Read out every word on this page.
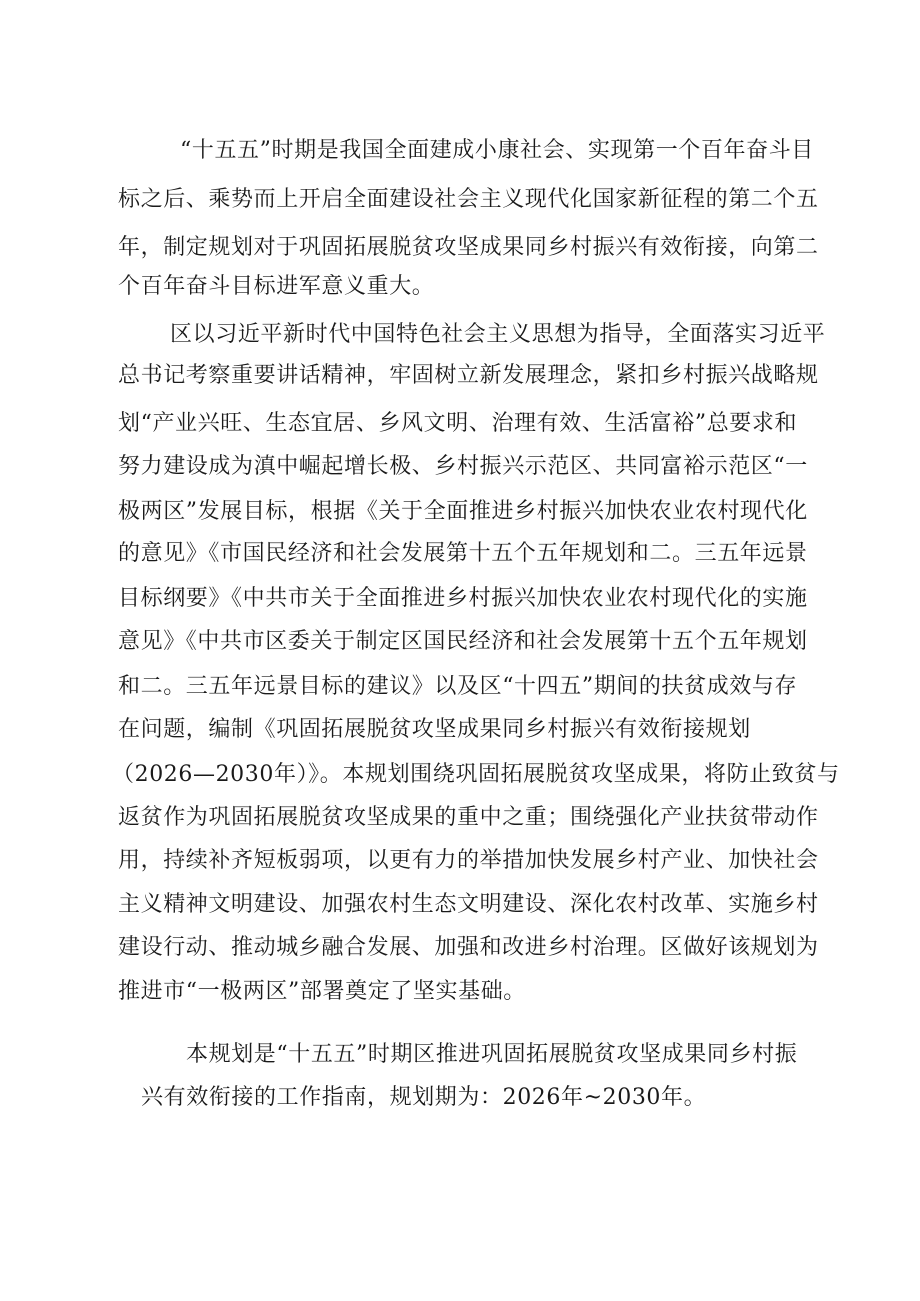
“十五五”时期是我国全面建成小康社会、实现第一个百年奋斗目
标之后、乘势而上开启全面建设社会主义现代化国家新征程的第二个五
年，制定规划对于巩固拓展脱贫攻坚成果同乡村振兴有效衔接，向第二
个百年奋斗目标进军意义重大。
区以习近平新时代中国特色社会主义思想为指导，全面落实习近平
总书记考察重要讲话精神，牢固树立新发展理念，紧扣乡村振兴战略规
划“产业兴旺、生态宜居、乡风文明、治理有效、生活富裕”总要求和
努力建设成为滇中崛起增长极、乡村振兴示范区、共同富裕示范区“一
极两区”发展目标，根据《关于全面推进乡村振兴加快农业农村现代化
的意见》《市国民经济和社会发展第十五个五年规划和二。三五年远景
目标纲要》《中共市关于全面推进乡村振兴加快农业农村现代化的实施
意见》《中共市区委关于制定区国民经济和社会发展第十五个五年规划
和二。三五年远景目标的建议》以及区“十四五”期间的扶贫成效与存
在问题，编制《巩固拓展脱贫攻坚成果同乡村振兴有效衔接规划
（2026—2030年）》。本规划围绕巩固拓展脱贫攻坚成果，将防止致贫与
返贫作为巩固拓展脱贫攻坚成果的重中之重；围绕强化产业扶贫带动作
用，持续补齐短板弱项，以更有力的举措加快发展乡村产业、加快社会
主义精神文明建设、加强农村生态文明建设、深化农村改革、实施乡村
建设行动、推动城乡融合发展、加强和改进乡村治理。区做好该规划为
推进市“一极两区”部署奠定了坚实基础。
本规划是“十五五”时期区推进巩固拓展脱贫攻坚成果同乡村振
兴有效衔接的工作指南，规划期为：2026年~2030年。
